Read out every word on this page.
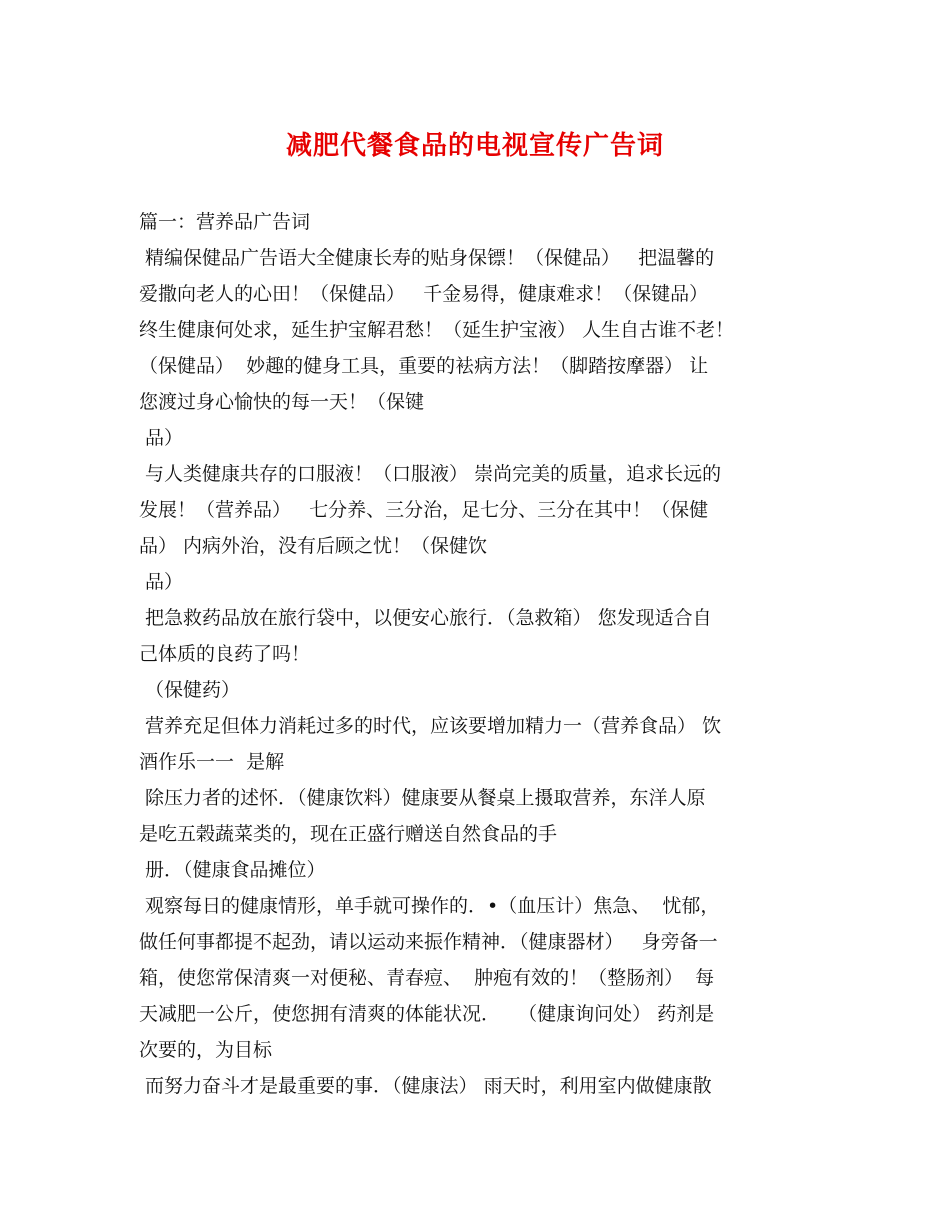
减肥代餐食品的电视宣传广告词
篇一：营养品广告词
精编保健品广告语大全健康长寿的贴身保镖！（保健品）   把温馨的
爱撒向老人的心田！（保健品）   千金易得，健康难求！（保键品）
终生健康何处求，延生护宝解君愁！（延生护宝液） 人生自古谁不老！
（保健品）  妙趣的健身工具，重要的袪病方法！（脚踏按摩器） 让
您渡过身心愉快的每一天！（保键
品）
与人类健康共存的口服液！（口服液） 崇尚完美的质量，追求长远的
发展！（营养品）   七分养、三分治，足七分、三分在其中！（保健
品） 内病外治，没有后顾之忧！（保健饮
品）
把急救药品放在旅行袋中，以便安心旅行．（急救箱） 您发现适合自
己体质的良药了吗！
（保健药）
营养充足但体力消耗过多的时代，应该要增加精力一（营养食品） 饮
酒作乐一一  是解
除压力者的述怀．（健康饮料）健康要从餐桌上摄取营养，东洋人原
是吃五榖蔬菜类的，现在正盛行赠送自然食品的手
册．（健康食品摊位）
观察每日的健康情形，单手就可操作的．•（血压计）焦急、  忧郁，
做任何事都提不起劲，请以运动来振作精神．（健康器材）   身旁备一
箱，使您常保清爽一对便秘、青春痘、  肿疱有效的！（整肠剂）  每
天减肥一公斤，使您拥有清爽的体能状况．   （健康询问处） 药剂是
次要的，为目标
而努力奋斗才是最重要的事．（健康法） 雨天时，利用室内做健康散
